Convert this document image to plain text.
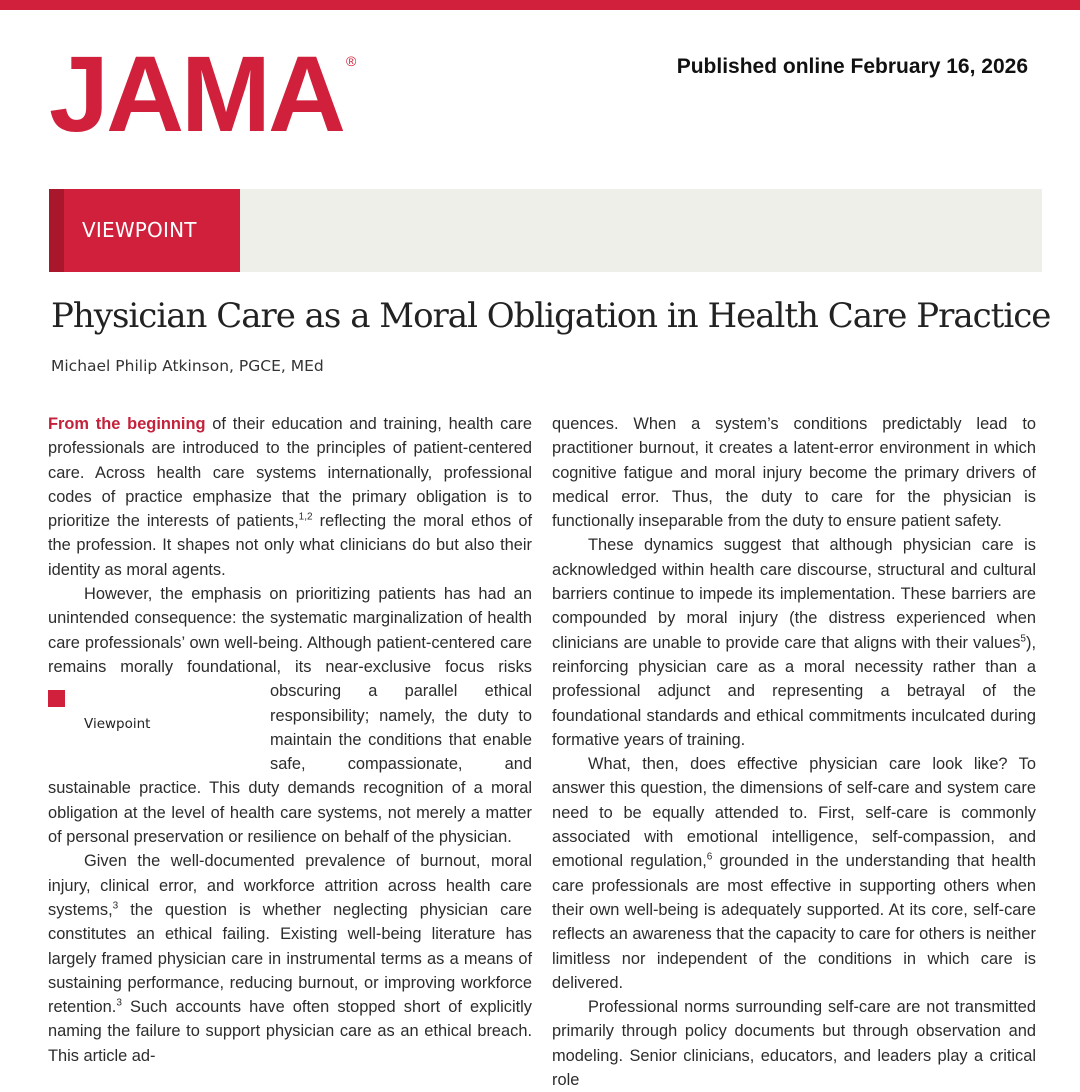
JAMA ®	Published online February 16, 2026
VIEWPOINT
Physician Care as a Moral Obligation in Health Care Practice
Michael Philip Atkinson, PGCE, MEd

From the beginning of their education and training, health care professionals are introduced to the principles of patient-centered care. Across health care systems internationally, professional codes of practice emphasize that the primary obligation is to prioritize the interests of patients,$^{1,2}$ reflecting the moral ethos of the profession. It shapes not only what clinicians do but also their identity as moral agents.

However, the emphasis on prioritizing patients has had an unintended consequence: the systematic marginalization of health care professionals’ own well-being. Although patient-centered care remains morally foundational, its near-exclusive focus risks obscur
+
Viewpoint
ing a parallel ethical responsibility; namely, the duty to maintain the conditions that enable safe, compassionate, and sustainable practice. This duty demands recognition of a moral obligation at the level of health care systems, not merely a matter of personal preservation or resilience on behalf of the physician.

Given the well-documented prevalence of burnout, moral injury, clinical error, and workforce attrition across health care systems,$^3$ the question is whether neglecting physician care constitutes an ethical failing. Existing well-being literature has largely framed physician care in instrumental terms as a means of sustaining performance, reducing burnout, or improving workforce retention.$^3$ Such accounts have often stopped short of explicitly naming the failure to support physician care as an ethical breach. This article ad-

quences. When a system’s conditions predictably lead to practitioner burnout, it creates a latent-error environment in which cognitive fatigue and moral injury become the primary drivers of medical error. Thus, the duty to care for the physician is functionally inseparable from the duty to ensure patient safety.

These dynamics suggest that although physician care is acknowledged within health care discourse, structural and cultural barriers continue to impede its implementation. These barriers are compounded by moral injury (the distress experienced when clinicians are unable to provide care that aligns with their values$^5$), reinforcing physician care as a moral necessity rather than a professional adjunct and representing a betrayal of the foundational standards and ethical commitments inculcated during formative years of training.

What, then, does effective physician care look like? To answer this question, the dimensions of self-care and system care need to be equally attended to. First, self-care is commonly associated with emotional intelligence, self-compassion, and emotional regulation,$^6$ grounded in the understanding that health care professionals are most effective in supporting others when their own well-being is adequately supported. At its core, self-care reflects an awareness that the capacity to care for others is neither limitless nor independent of the conditions in which care is delivered.

Professional norms surrounding self-care are not transmitted primarily through policy documents but through observation and modeling. Senior clinicians, educators, and leaders play a critical role
